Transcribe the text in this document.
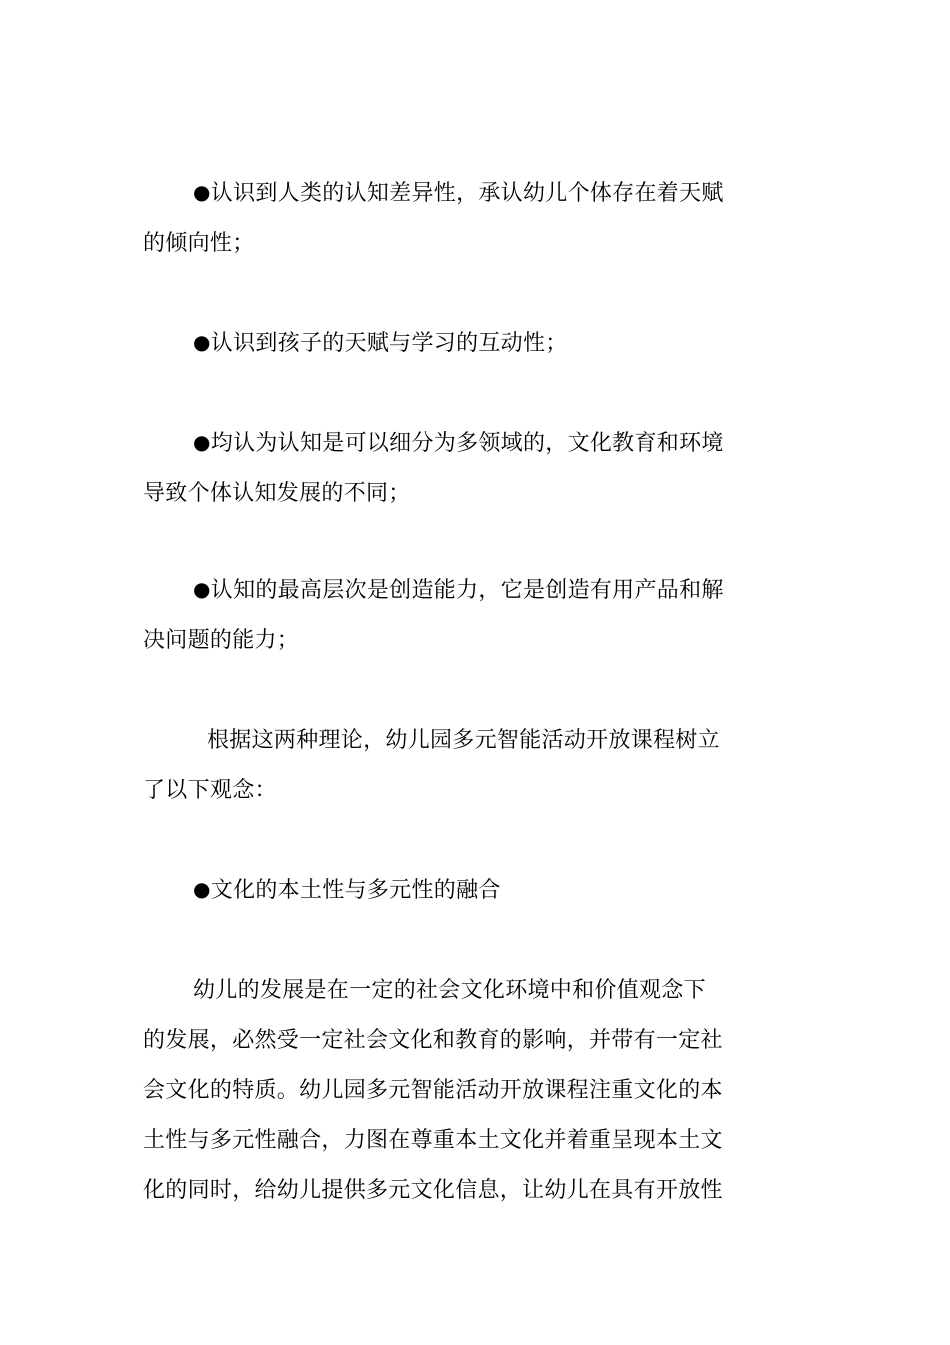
●认识到人类的认知差异性，承认幼儿个体存在着天赋
的倾向性；

●认识到孩子的天赋与学习的互动性；

●均认为认知是可以细分为多领域的，文化教育和环境
导致个体认知发展的不同；

●认知的最高层次是创造能力，它是创造有用产品和解
决问题的能力；

根据这两种理论，幼儿园多元智能活动开放课程树立
了以下观念：

●文化的本土性与多元性的融合

幼儿的发展是在一定的社会文化环境中和价值观念下
的发展，必然受一定社会文化和教育的影响，并带有一定社
会文化的特质。幼儿园多元智能活动开放课程注重文化的本
土性与多元性融合，力图在尊重本土文化并着重呈现本土文
化的同时，给幼儿提供多元文化信息，让幼儿在具有开放性
